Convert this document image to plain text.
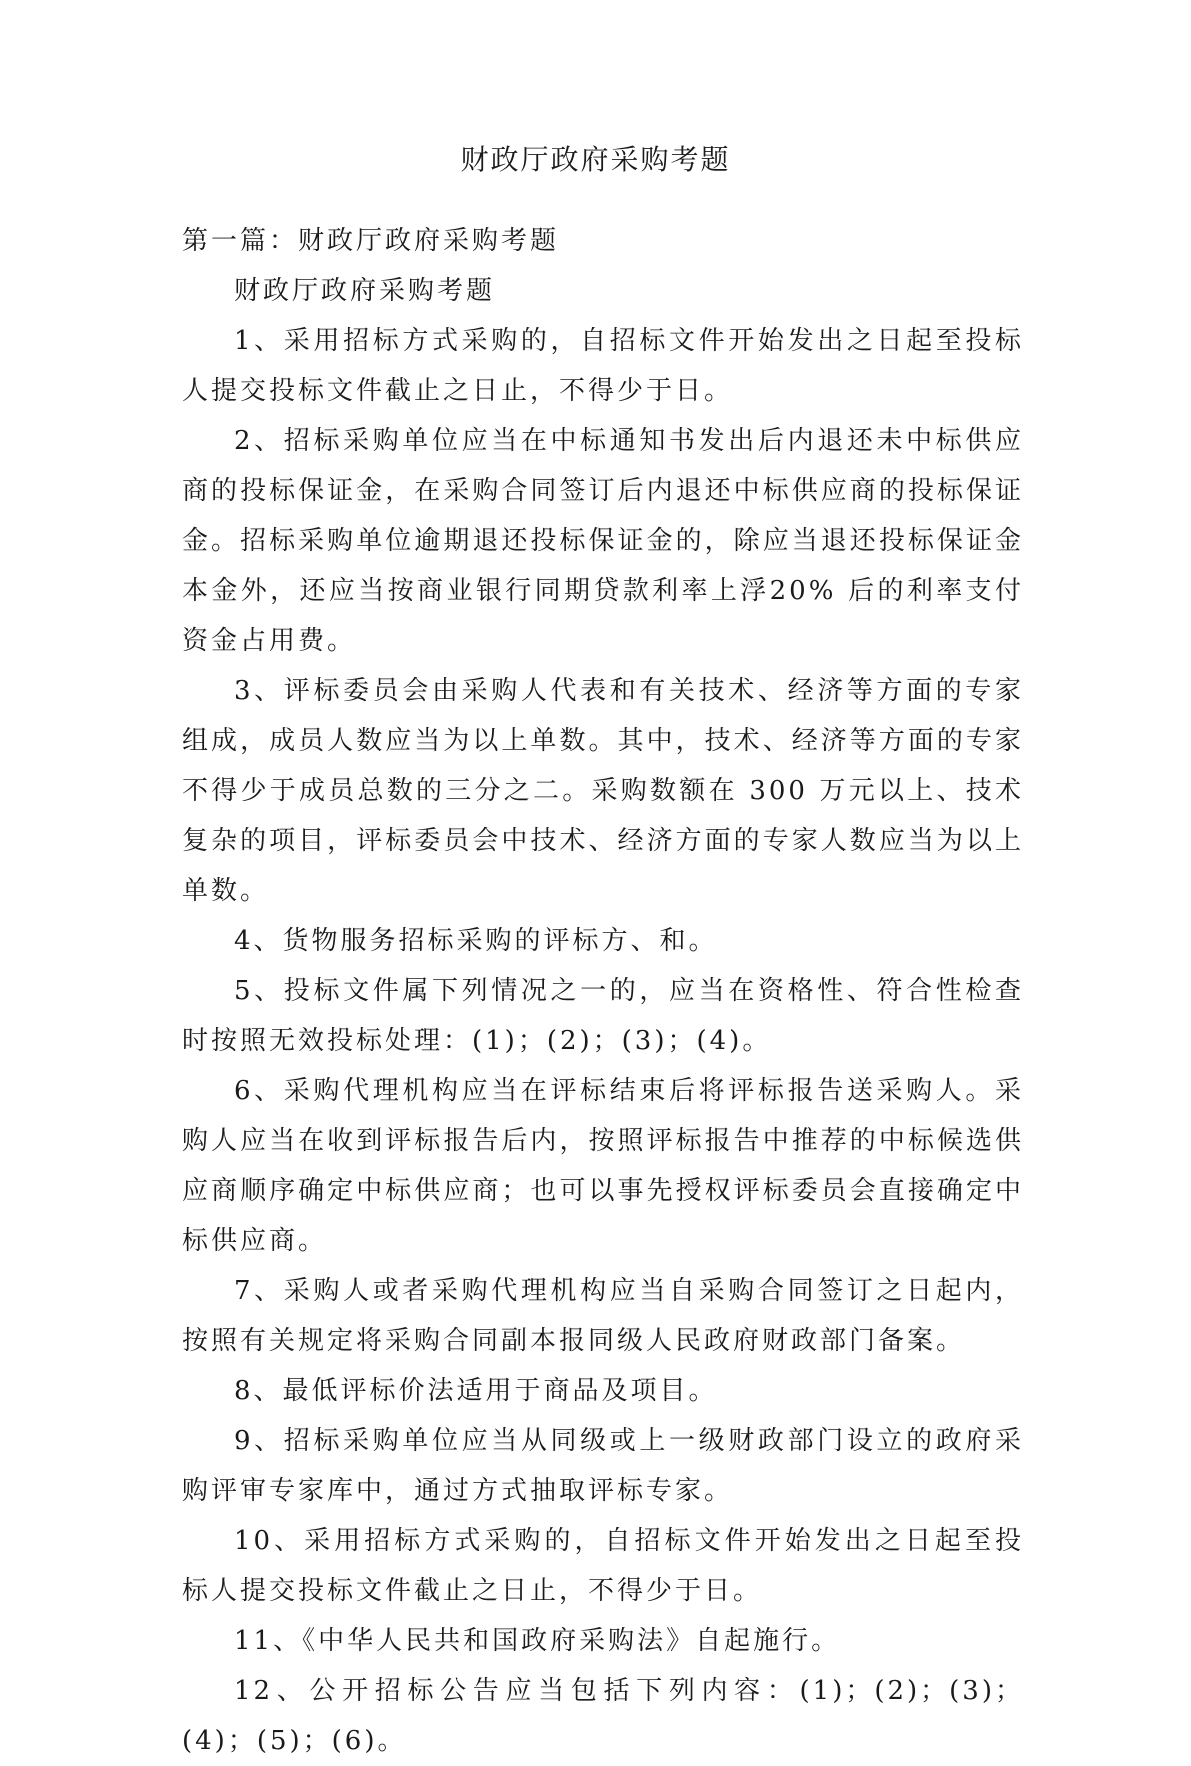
财政厅政府采购考题

第一篇：财政厅政府采购考题

财政厅政府采购考题

1、采用招标方式采购的，自招标文件开始发出之日起至投标人提交投标文件截止之日止，不得少于日。

2、招标采购单位应当在中标通知书发出后内退还未中标供应商的投标保证金，在采购合同签订后内退还中标供应商的投标保证金。招标采购单位逾期退还投标保证金的，除应当退还投标保证金本金外，还应当按商业银行同期贷款利率上浮20% 后的利率支付资金占用费。

3、评标委员会由采购人代表和有关技术、经济等方面的专家组成，成员人数应当为以上单数。其中，技术、经济等方面的专家不得少于成员总数的三分之二。采购数额在 300 万元以上、技术复杂的项目，评标委员会中技术、经济方面的专家人数应当为以上单数。

4、货物服务招标采购的评标方、和。

5、投标文件属下列情况之一的，应当在资格性、符合性检查时按照无效投标处理：(1)；(2)；(3)；(4)。

6、采购代理机构应当在评标结束后将评标报告送采购人。采购人应当在收到评标报告后内，按照评标报告中推荐的中标候选供应商顺序确定中标供应商；也可以事先授权评标委员会直接确定中标供应商。

7、采购人或者采购代理机构应当自采购合同签订之日起内，按照有关规定将采购合同副本报同级人民政府财政部门备案。

8、最低评标价法适用于商品及项目。

9、招标采购单位应当从同级或上一级财政部门设立的政府采购评审专家库中，通过方式抽取评标专家。

10、采用招标方式采购的，自招标文件开始发出之日起至投标人提交投标文件截止之日止，不得少于日。

11、《中华人民共和国政府采购法》自起施行。

12、公开招标公告应当包括下列内容：(1)；(2)；(3)；(4)；(5)；(6)。
